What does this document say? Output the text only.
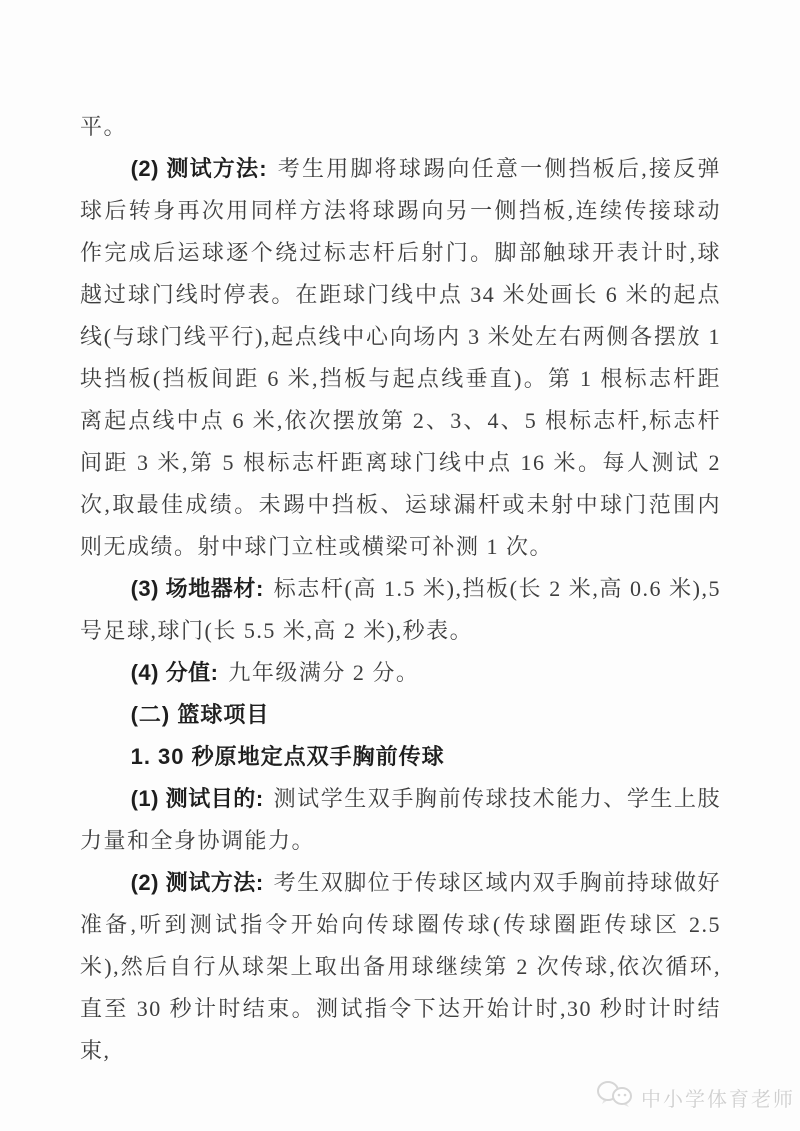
平。

(2) 测试方法: 考生用脚将球踢向任意一侧挡板后,接反弹球后转身再次用同样方法将球踢向另一侧挡板,连续传接球动作完成后运球逐个绕过标志杆后射门。脚部触球开表计时,球越过球门线时停表。在距球门线中点 34 米处画长 6 米的起点线(与球门线平行),起点线中心向场内 3 米处左右两侧各摆放 1 块挡板(挡板间距 6 米,挡板与起点线垂直)。第 1 根标志杆距离起点线中点 6 米,依次摆放第 2、3、4、5 根标志杆,标志杆间距 3 米,第 5 根标志杆距离球门线中点 16 米。每人测试 2 次,取最佳成绩。未踢中挡板、运球漏杆或未射中球门范围内则无成绩。射中球门立柱或横梁可补测 1 次。

(3) 场地器材: 标志杆(高 1.5 米),挡板(长 2 米,高 0.6 米),5 号足球,球门(长 5.5 米,高 2 米),秒表。

(4) 分值: 九年级满分 2 分。

(二) 篮球项目

1. 30 秒原地定点双手胸前传球

(1) 测试目的: 测试学生双手胸前传球技术能力、学生上肢力量和全身协调能力。

(2) 测试方法: 考生双脚位于传球区域内双手胸前持球做好准备,听到测试指令开始向传球圈传球(传球圈距传球区 2.5 米),然后自行从球架上取出备用球继续第 2 次传球,依次循环,直至 30 秒计时结束。测试指令下达开始计时,30 秒时计时结束,

中小学体育老师
